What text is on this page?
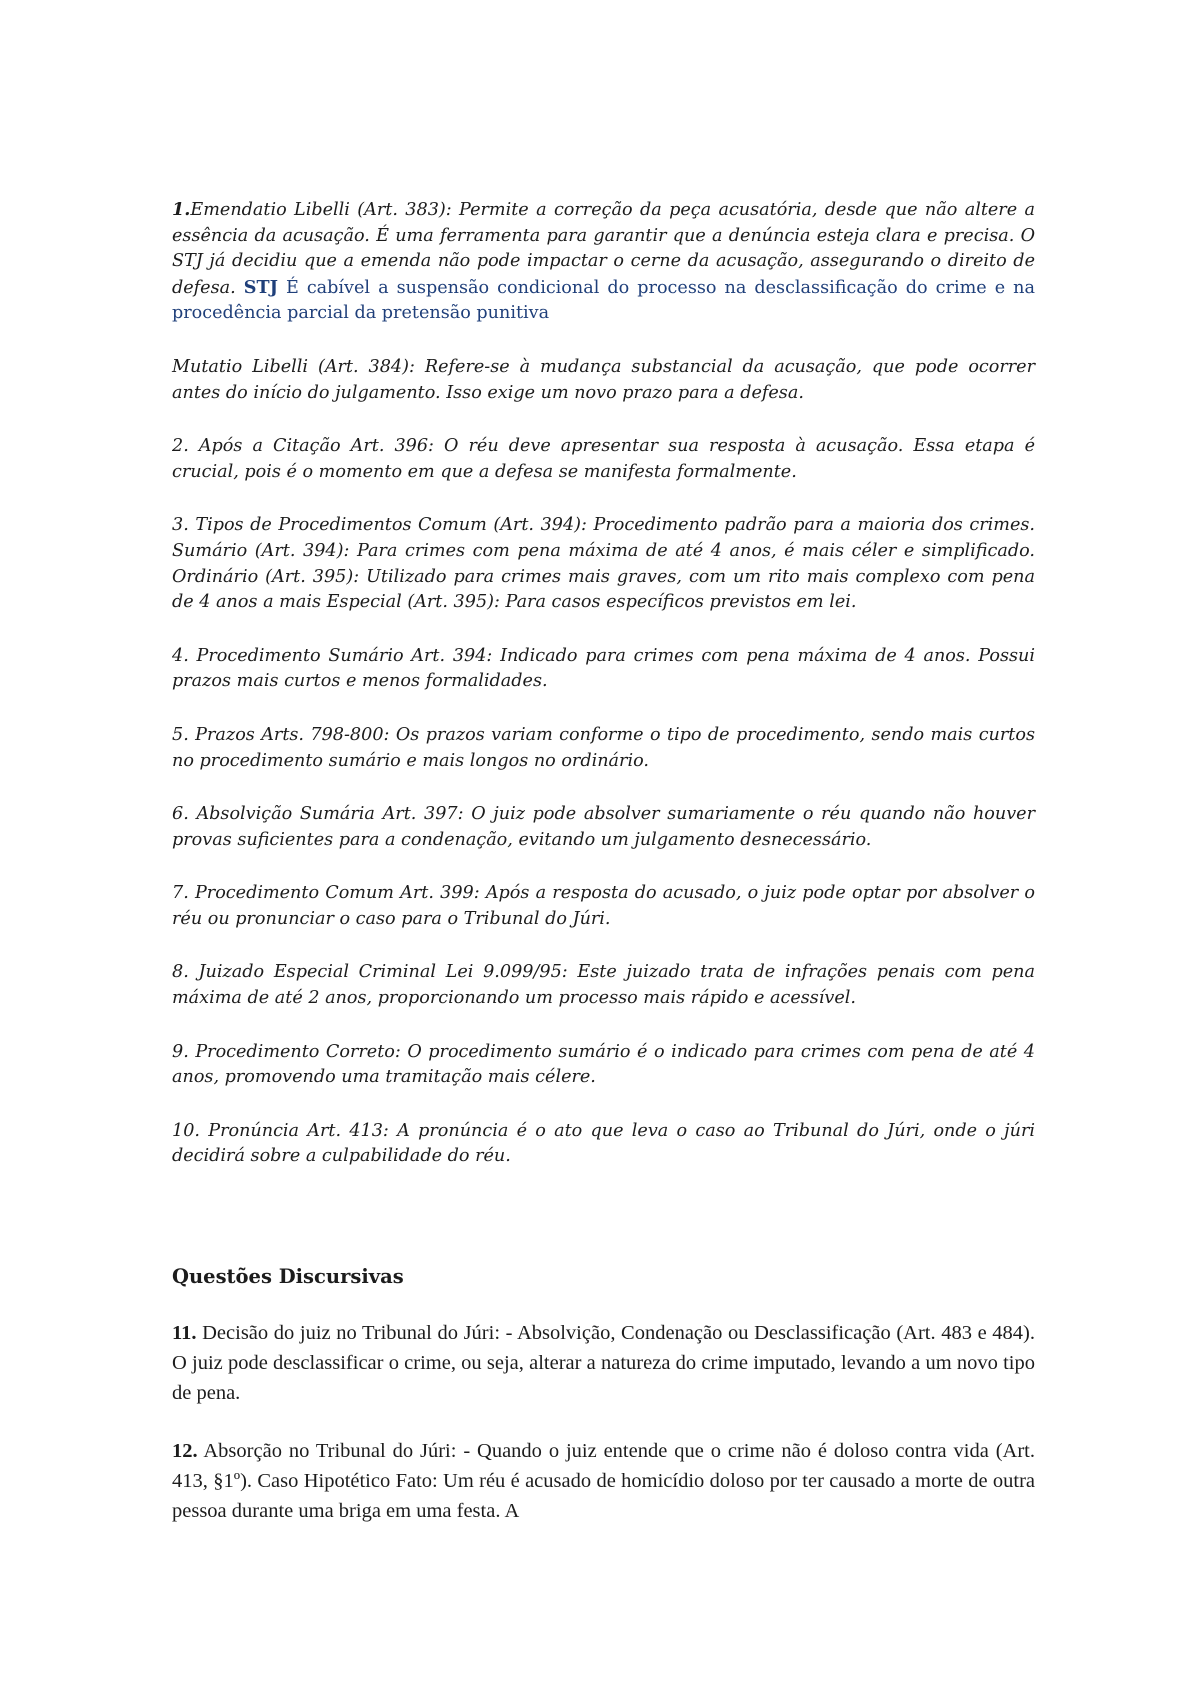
1.Emendatio Libelli (Art. 383): Permite a correção da peça acusatória, desde que não altere a essência da acusação. É uma ferramenta para garantir que a denúncia esteja clara e precisa. O STJ já decidiu que a emenda não pode impactar o cerne da acusação, assegurando o direito de defesa. STJ É cabível a suspensão condicional do processo na desclassificação do crime e na procedência parcial da pretensão punitiva

Mutatio Libelli (Art. 384): Refere-se à mudança substancial da acusação, que pode ocorrer antes do início do julgamento. Isso exige um novo prazo para a defesa.

2. Após a Citação Art. 396: O réu deve apresentar sua resposta à acusação. Essa etapa é crucial, pois é o momento em que a defesa se manifesta formalmente.

3. Tipos de Procedimentos Comum (Art. 394): Procedimento padrão para a maioria dos crimes. Sumário (Art. 394): Para crimes com pena máxima de até 4 anos, é mais céler e simplificado. Ordinário (Art. 395): Utilizado para crimes mais graves, com um rito mais complexo com pena de 4 anos a mais Especial (Art. 395): Para casos específicos previstos em lei.

4. Procedimento Sumário Art. 394: Indicado para crimes com pena máxima de 4 anos. Possui prazos mais curtos e menos formalidades.

5. Prazos Arts. 798-800: Os prazos variam conforme o tipo de procedimento, sendo mais curtos no procedimento sumário e mais longos no ordinário.

6. Absolvição Sumária Art. 397: O juiz pode absolver sumariamente o réu quando não houver provas suficientes para a condenação, evitando um julgamento desnecessário.

7. Procedimento Comum Art. 399: Após a resposta do acusado, o juiz pode optar por absolver o réu ou pronunciar o caso para o Tribunal do Júri.

8. Juizado Especial Criminal Lei 9.099/95: Este juizado trata de infrações penais com pena máxima de até 2 anos, proporcionando um processo mais rápido e acessível.

9. Procedimento Correto: O procedimento sumário é o indicado para crimes com pena de até 4 anos, promovendo uma tramitação mais célere.

10. Pronúncia Art. 413: A pronúncia é o ato que leva o caso ao Tribunal do Júri, onde o júri decidirá sobre a culpabilidade do réu.

Questões Discursivas

11. Decisão do juiz no Tribunal do Júri: - Absolvição, Condenação ou Desclassificação (Art. 483 e 484). O juiz pode desclassificar o crime, ou seja, alterar a natureza do crime imputado, levando a um novo tipo de pena.

12. Absorção no Tribunal do Júri: - Quando o juiz entende que o crime não é doloso contra vida (Art. 413, §1º). Caso Hipotético Fato: Um réu é acusado de homicídio doloso por ter causado a morte de outra pessoa durante uma briga em uma festa. A
